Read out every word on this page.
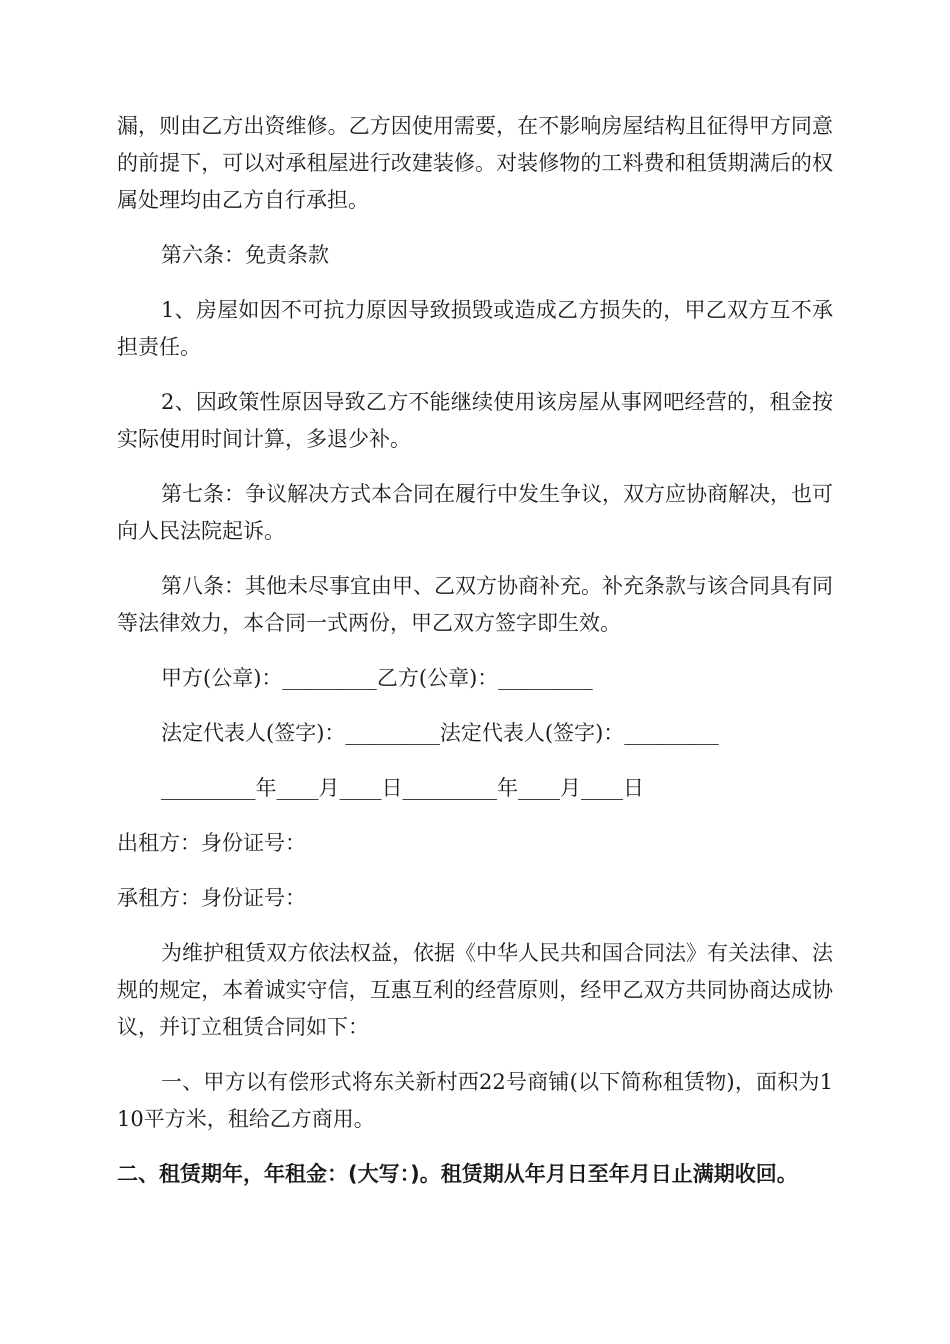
漏，则由乙方出资维修。乙方因使用需要，在不影响房屋结构且征得甲方同意的前提下，可以对承租屋进行改建装修。对装修物的工料费和租赁期满后的权属处理均由乙方自行承担。

第六条：免责条款

1、房屋如因不可抗力原因导致损毁或造成乙方损失的，甲乙双方互不承担责任。

2、因政策性原因导致乙方不能继续使用该房屋从事网吧经营的，租金按实际使用时间计算，多退少补。

第七条：争议解决方式本合同在履行中发生争议，双方应协商解决，也可向人民法院起诉。

第八条：其他未尽事宜由甲、乙双方协商补充。补充条款与该合同具有同等法律效力，本合同一式两份，甲乙双方签字即生效。

甲方(公章)：_________乙方(公章)：_________

法定代表人(签字)：_________法定代表人(签字)：_________

_________年____月____日_________年____月____日

出租方：身份证号：

承租方：身份证号：

为维护租赁双方依法权益，依据《中华人民共和国合同法》有关法律、法规的规定，本着诚实守信，互惠互利的经营原则，经甲乙双方共同协商达成协议，并订立租赁合同如下：

一、甲方以有偿形式将东关新村西22号商铺(以下简称租赁物)，面积为110平方米，租给乙方商用。

二、租赁期年，年租金：(大写：)。租赁期从年月日至年月日止满期收回。
